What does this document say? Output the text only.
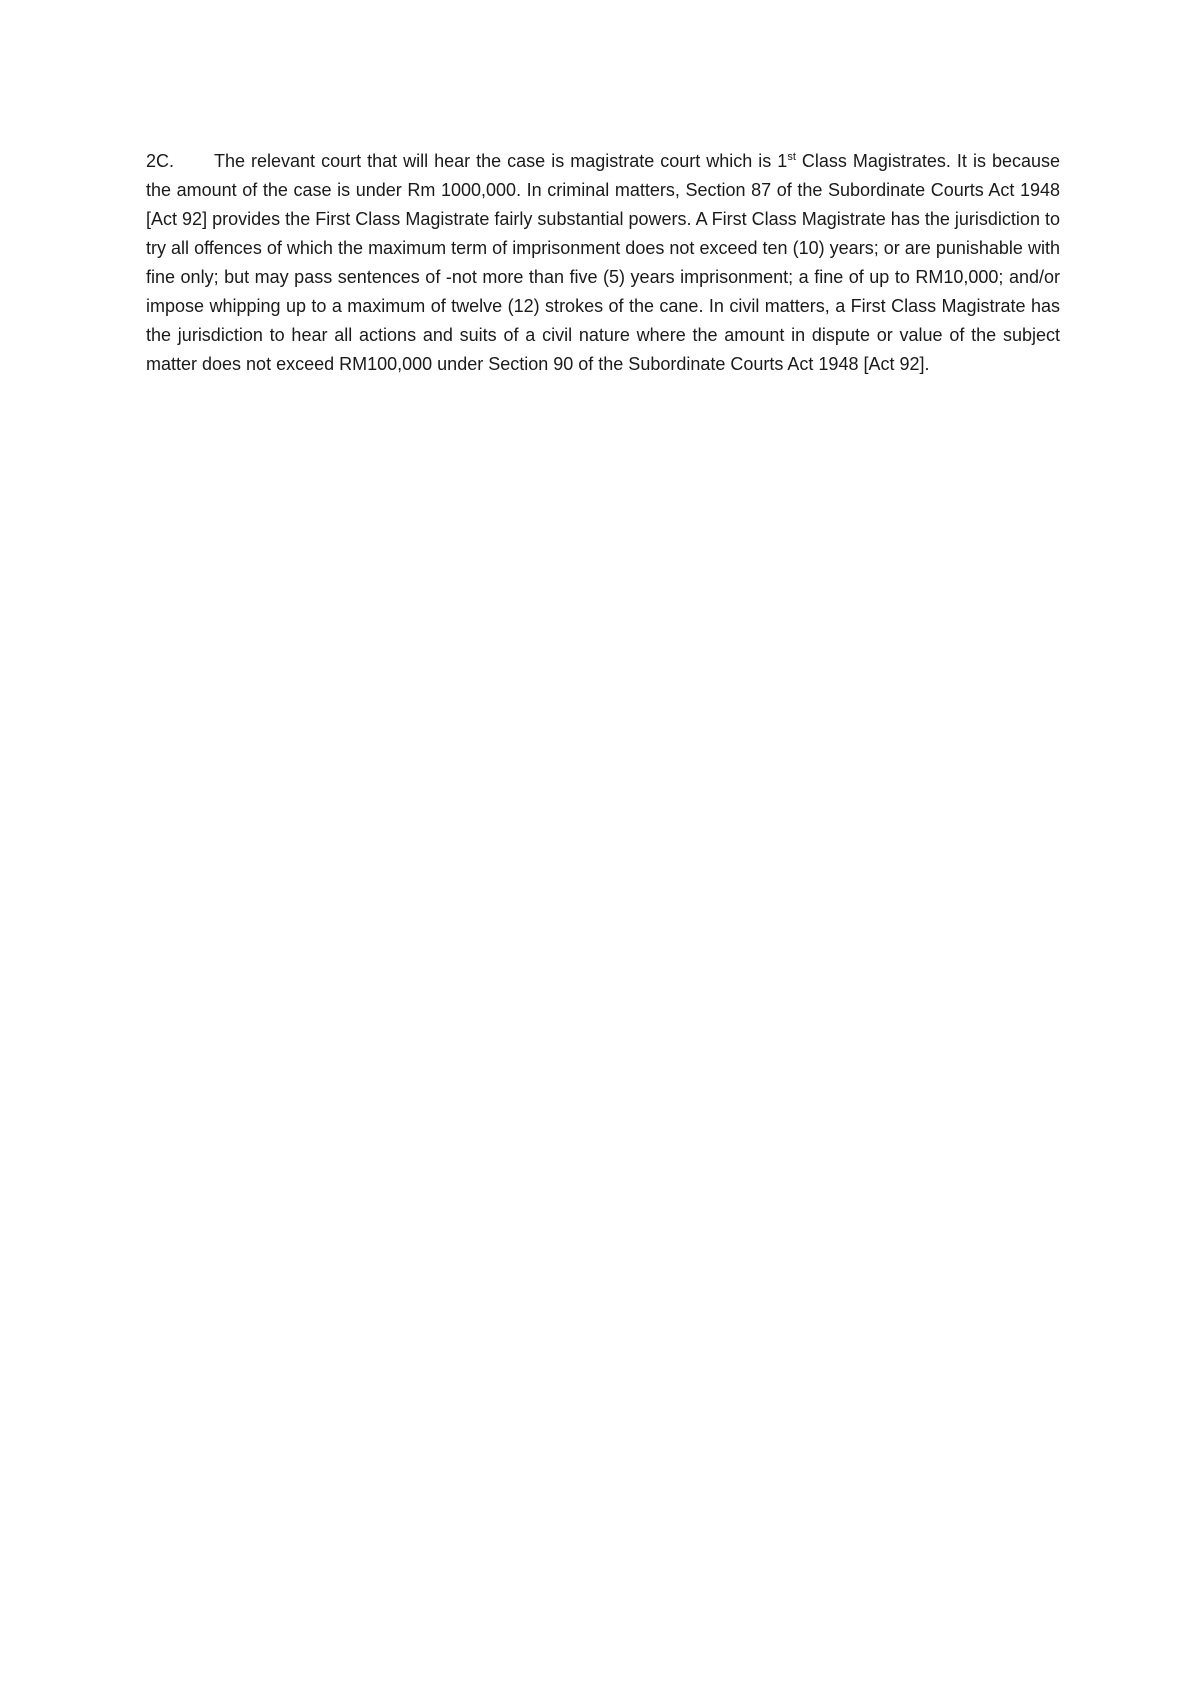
2C. The relevant court that will hear the case is magistrate court which is 1st Class Magistrates. It is because the amount of the case is under Rm 1000,000. In criminal matters, Section 87 of the Subordinate Courts Act 1948 [Act 92] provides the First Class Magistrate fairly substantial powers. A First Class Magistrate has the jurisdiction to try all offences of which the maximum term of imprisonment does not exceed ten (10) years; or are punishable with fine only; but may pass sentences of -not more than five (5) years imprisonment; a fine of up to RM10,000; and/or impose whipping up to a maximum of twelve (12) strokes of the cane. In civil matters, a First Class Magistrate has the jurisdiction to hear all actions and suits of a civil nature where the amount in dispute or value of the subject matter does not exceed RM100,000 under Section 90 of the Subordinate Courts Act 1948 [Act 92].
